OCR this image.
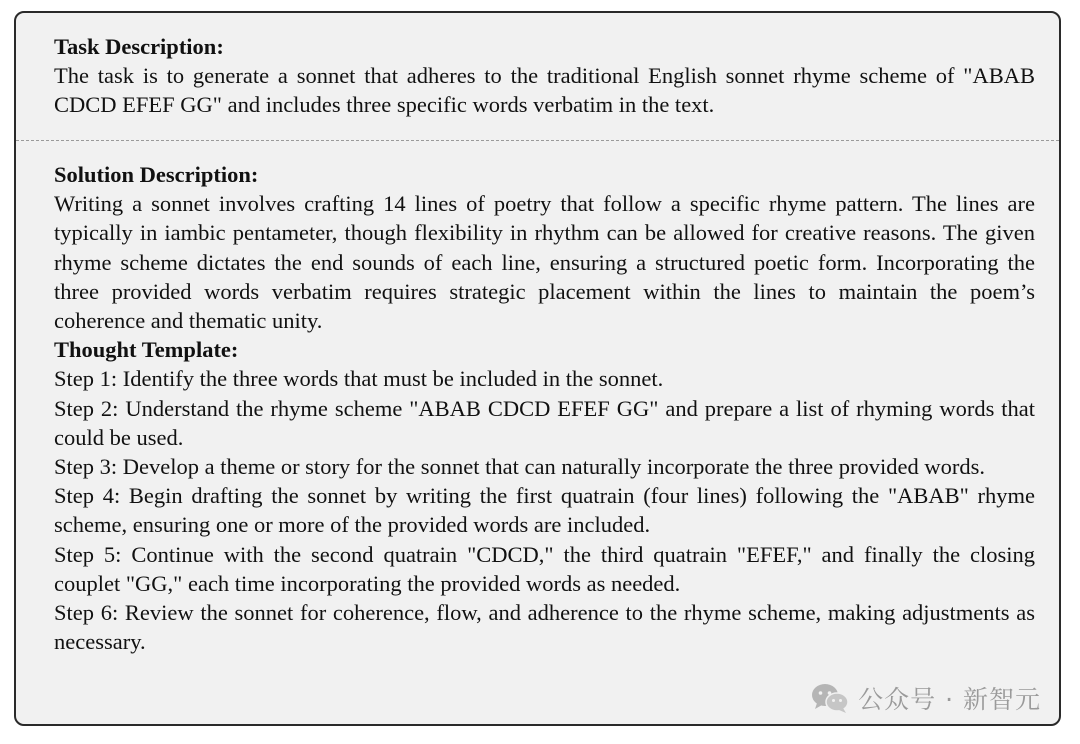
Task Description:
The task is to generate a sonnet that adheres to the traditional English sonnet rhyme scheme of "ABAB CDCD EFEF GG" and includes three specific words verbatim in the text.
Solution Description:
Writing a sonnet involves crafting 14 lines of poetry that follow a specific rhyme pattern. The lines are typically in iambic pentameter, though flexibility in rhythm can be allowed for creative reasons. The given rhyme scheme dictates the end sounds of each line, ensuring a structured poetic form. Incorporating the three provided words verbatim requires strategic placement within the lines to maintain the poem’s coherence and thematic unity.
Thought Template:
Step 1: Identify the three words that must be included in the sonnet.
Step 2: Understand the rhyme scheme "ABAB CDCD EFEF GG" and prepare a list of rhyming words that could be used.
Step 3: Develop a theme or story for the sonnet that can naturally incorporate the three provided words.
Step 4: Begin drafting the sonnet by writing the first quatrain (four lines) following the "ABAB" rhyme scheme, ensuring one or more of the provided words are included.
Step 5: Continue with the second quatrain "CDCD," the third quatrain "EFEF," and finally the closing couplet "GG," each time incorporating the provided words as needed.
Step 6: Review the sonnet for coherence, flow, and adherence to the rhyme scheme, making adjustments as necessary.
公众号 · 新智元
